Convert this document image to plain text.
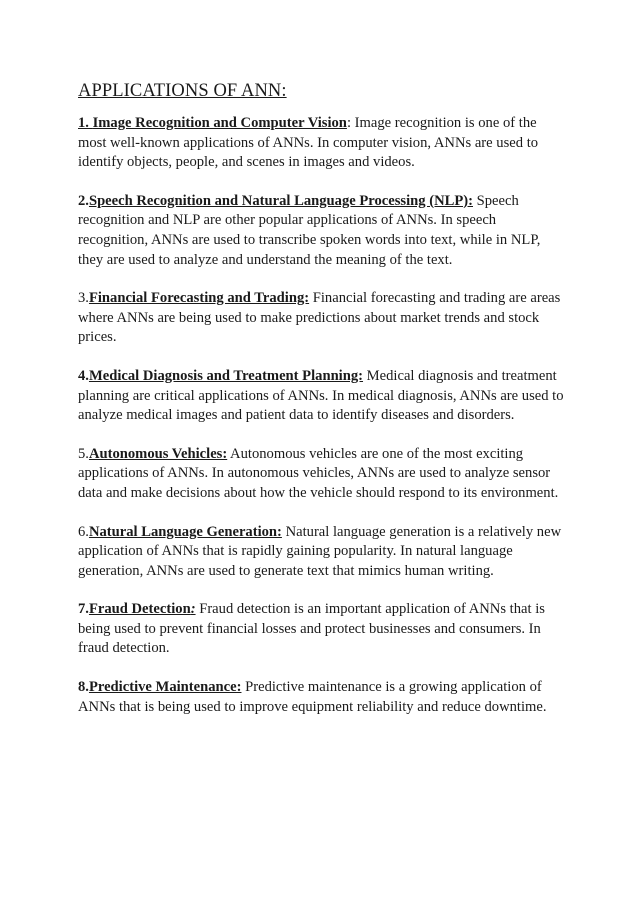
APPLICATIONS OF ANN:

1. Image Recognition and Computer Vision: Image recognition is one of the most well-known applications of ANNs. In computer vision, ANNs are used to identify objects, people, and scenes in images and videos.

2.Speech Recognition and Natural Language Processing (NLP): Speech recognition and NLP are other popular applications of ANNs. In speech recognition, ANNs are used to transcribe spoken words into text, while in NLP, they are used to analyze and understand the meaning of the text.

3.Financial Forecasting and Trading: Financial forecasting and trading are areas where ANNs are being used to make predictions about market trends and stock prices.

4.Medical Diagnosis and Treatment Planning: Medical diagnosis and treatment planning are critical applications of ANNs. In medical diagnosis, ANNs are used to analyze medical images and patient data to identify diseases and disorders.

5.Autonomous Vehicles: Autonomous vehicles are one of the most exciting applications of ANNs. In autonomous vehicles, ANNs are used to analyze sensor data and make decisions about how the vehicle should respond to its environment.

6.Natural Language Generation: Natural language generation is a relatively new application of ANNs that is rapidly gaining popularity. In natural language generation, ANNs are used to generate text that mimics human writing.

7.Fraud Detection: Fraud detection is an important application of ANNs that is being used to prevent financial losses and protect businesses and consumers. In fraud detection.

8.Predictive Maintenance: Predictive maintenance is a growing application of ANNs that is being used to improve equipment reliability and reduce downtime.
